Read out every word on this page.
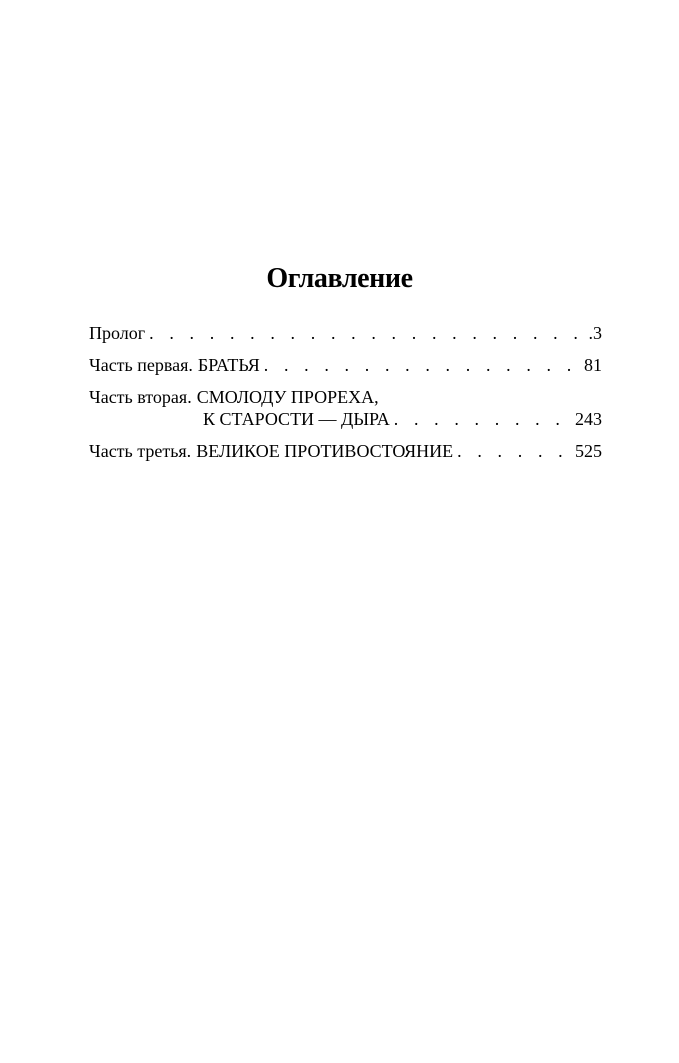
Оглавление
Пролог . . .	.3
Часть первая. БРАТЬЯ . . .	81
Часть вторая. СМОЛОДУ ПРОРЕХА,
К СТАРОСТИ — ДЫРА . . .	243
Часть третья. ВЕЛИКОЕ ПРОТИВОСТОЯНИЕ . . .	525
